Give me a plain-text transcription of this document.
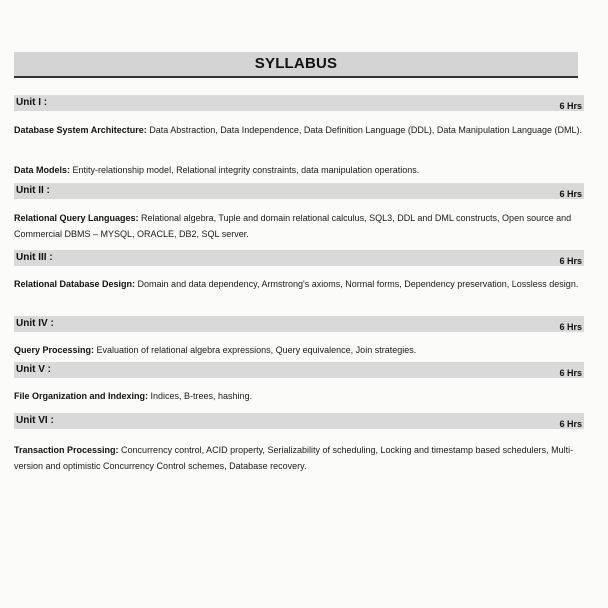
SYLLABUS
Unit I :	6 Hrs
Database System Architecture: Data Abstraction, Data Independence, Data Definition Language (DDL), Data Manipulation Language (DML).
Data Models: Entity-relationship model, Relational integrity constraints, data manipulation operations.
Unit II :	6 Hrs
Relational Query Languages: Relational algebra, Tuple and domain relational calculus, SQL3, DDL and DML constructs, Open source and Commercial DBMS – MYSQL, ORACLE, DB2, SQL server.
Unit III :	6 Hrs
Relational Database Design: Domain and data dependency, Armstrong's axioms, Normal forms, Dependency preservation, Lossless design.
Unit IV :	6 Hrs
Query Processing: Evaluation of relational algebra expressions, Query equivalence, Join strategies.
Unit V :	6 Hrs
File Organization and Indexing: Indices, B-trees, hashing.
Unit VI :	6 Hrs
Transaction Processing: Concurrency control, ACID property, Serializability of scheduling, Locking and timestamp based schedulers, Multi-version and optimistic Concurrency Control schemes, Database recovery.
